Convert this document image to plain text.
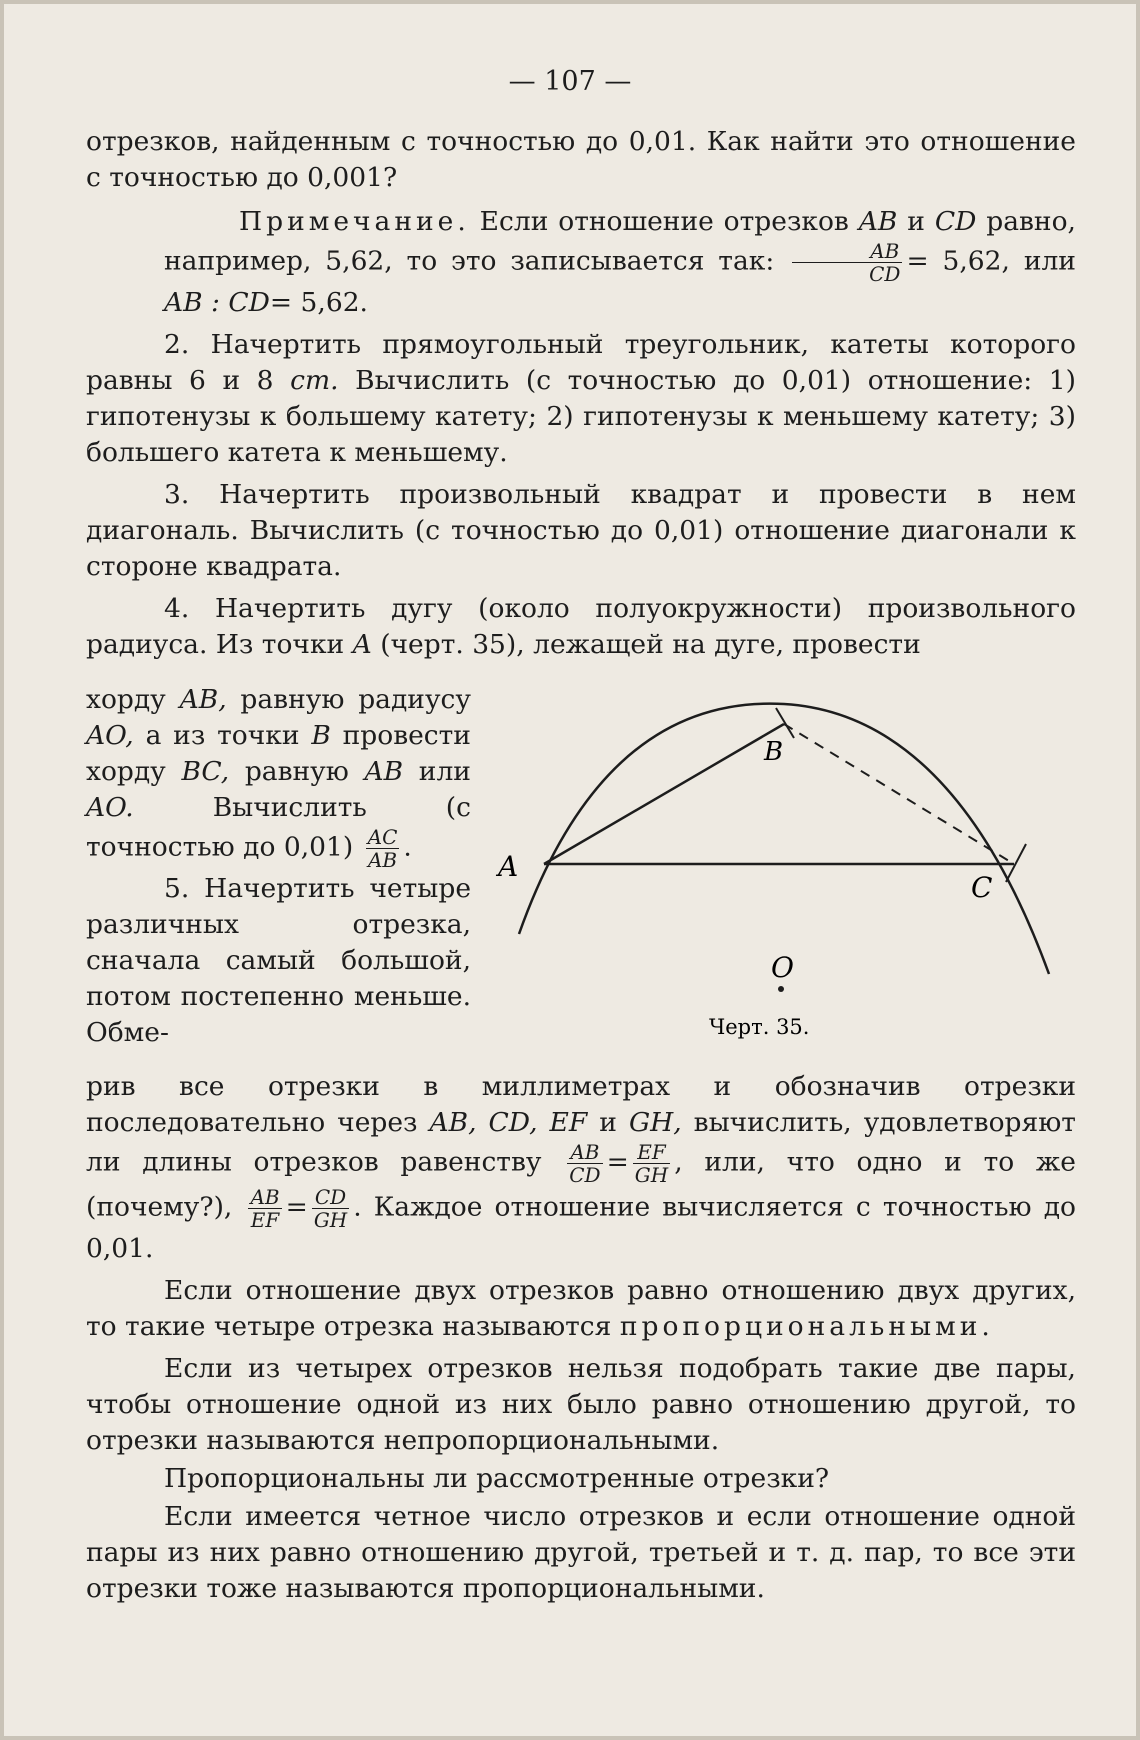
— 107 —

отрезков, найденным с точностью до 0,01. Как найти это отношение с точностью до 0,001?

Примечание. Если отношение отрезков AB и CD равно, например, 5,62, то это записывается так: $\frac{AB}{CD} = 5,62$, или AB : CD= 5,62.

2. Начертить прямоугольный треугольник, катеты которого равны 6 и 8 cm. Вычислить (с точностью до 0,01) отношение: 1) гипотенузы к большему катету; 2) гипотенузы к меньшему катету; 3) большего катета к меньшему.

3. Начертить произвольный квадрат и провести в нем диагональ. Вычислить (с точностью до 0,01) отношение диагонали к стороне квадрата.

4. Начертить дугу (около полуокружности) произвольного радиуса. Из точки A (черт. 35), лежащей на дуге, провести

хорду AB, равную радиусу AO, а из точки B провести хорду BC, равную AB или AO.	Вычислить (с точностью до $0,01) \frac{AC}{AB}$ .

5. Начертить четыре различных отрезка, сначала самый большой, потом постепенно меньше. Обме-

A
B
C
O
Черт. 35.

рив все отрезки в миллиметрах и обозначив отрезки последовательно через AB, CD, EF и GH, вычислить, удовлетворяют ли длины отрезков равенству $\frac{AB}{CD} = \frac{EF}{GH}$ , или, что одно и то же (почему?), $\frac{AB}{EF} = \frac{CD}{GH}$ . Каждое отношение вычисляется с точностью до 0,01.

Если отношение двух отрезков равно отношению двух других, то такие четыре отрезка называются пропорциональными.

Если из четырех отрезков нельзя подобрать такие две пары, чтобы отношение одной из них было равно отношению другой, то отрезки называются непропорциональными.

Пропорциональны ли рассмотренные отрезки?

Если имеется четное число отрезков и если отношение одной пары из них равно отношению другой, третьей и т. д. пар, то все эти отрезки тоже называются пропорциональными.
